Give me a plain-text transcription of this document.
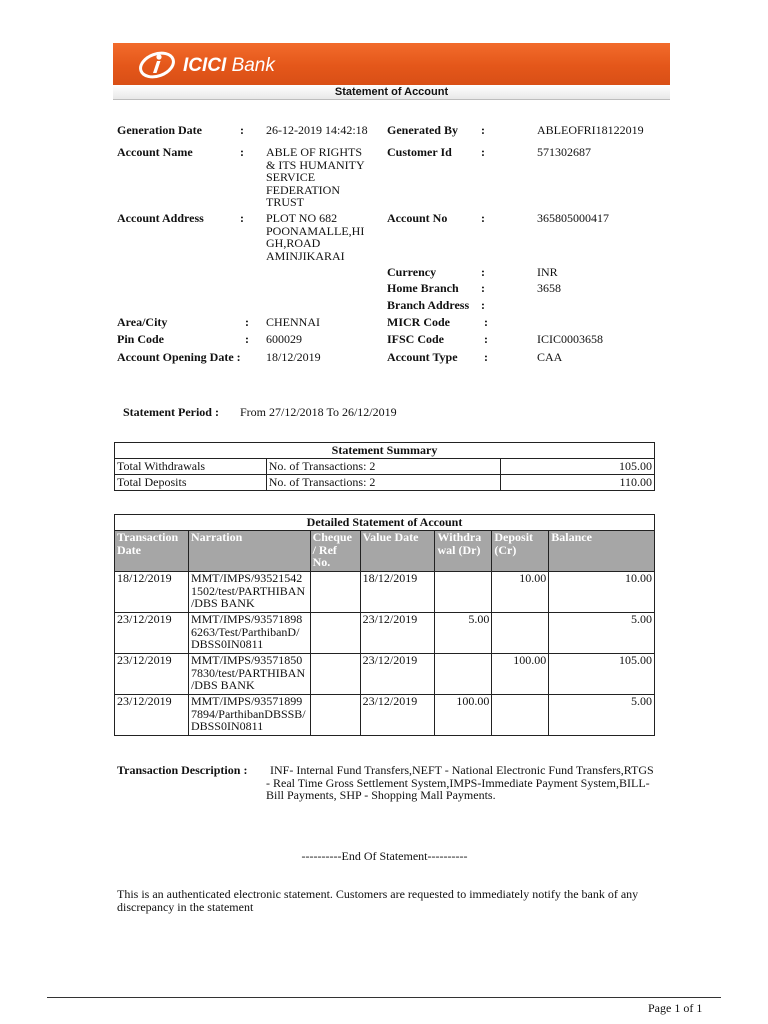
ICICI Bank
Statement of Account
Generation Date	: 26-12-2019 14:42:18 Generated By :	ABLEOFRI18122019
Account Name	: ABLE OF RIGHTS
& ITS HUMANITY
SERVICE
FEDERATION
TRUST
Customer Id :	571302687
Account Address	: PLOT NO 682
POONAMALLE,HI
GH,ROAD
AMINJIKARAI
Account No	:	365805000417
Currency	:	INR
Home Branch :	3658
Branch Address :
Area/City	: CHENNAI	MICR Code	:
Pin Code	: 600029	IFSC Code	:	ICIC0003658
Account Opening Date : 18/12/2019	Account Type :	CAA
Statement Period : From 27/12/2018 To 26/12/2019
Statement Summary		
Total Withdrawals	No. of Transactions: 2	105.00
Total Deposits	No. of Transactions: 2	110.00
Detailed Statement of Account						
Transaction Date	Narration	Cheque / Ref No.	Value Date	Withdrawal (Dr)	Deposit (Cr)	Balance
18/12/2019	MMT/IMPS/935215421502/test/PARTHIBAN /DBS BANK		18/12/2019		10.00	10.00
23/12/2019	MMT/IMPS/935718986263/Test/ParthibanD/DBSS0IN0811		23/12/2019	5.00		5.00
23/12/2019	MMT/IMPS/935718507830/test/PARTHIBAN /DBS BANK		23/12/2019		100.00	105.00
23/12/2019	MMT/IMPS/935718997894/ParthibanDBSSB/DBSS0IN0811		23/12/2019	100.00		5.00
Transaction Description :	INF- Internal Fund Transfers,NEFT - National Electronic Fund Transfers,RTGS - Real Time Gross Settlement System,IMPS-Immediate Payment System,BILL-Bill Payments, SHP - Shopping Mall Payments.
----------End Of Statement----------
This is an authenticated electronic statement. Customers are requested to immediately notify the bank of any discrepancy in the statement
Page 1 of 1
